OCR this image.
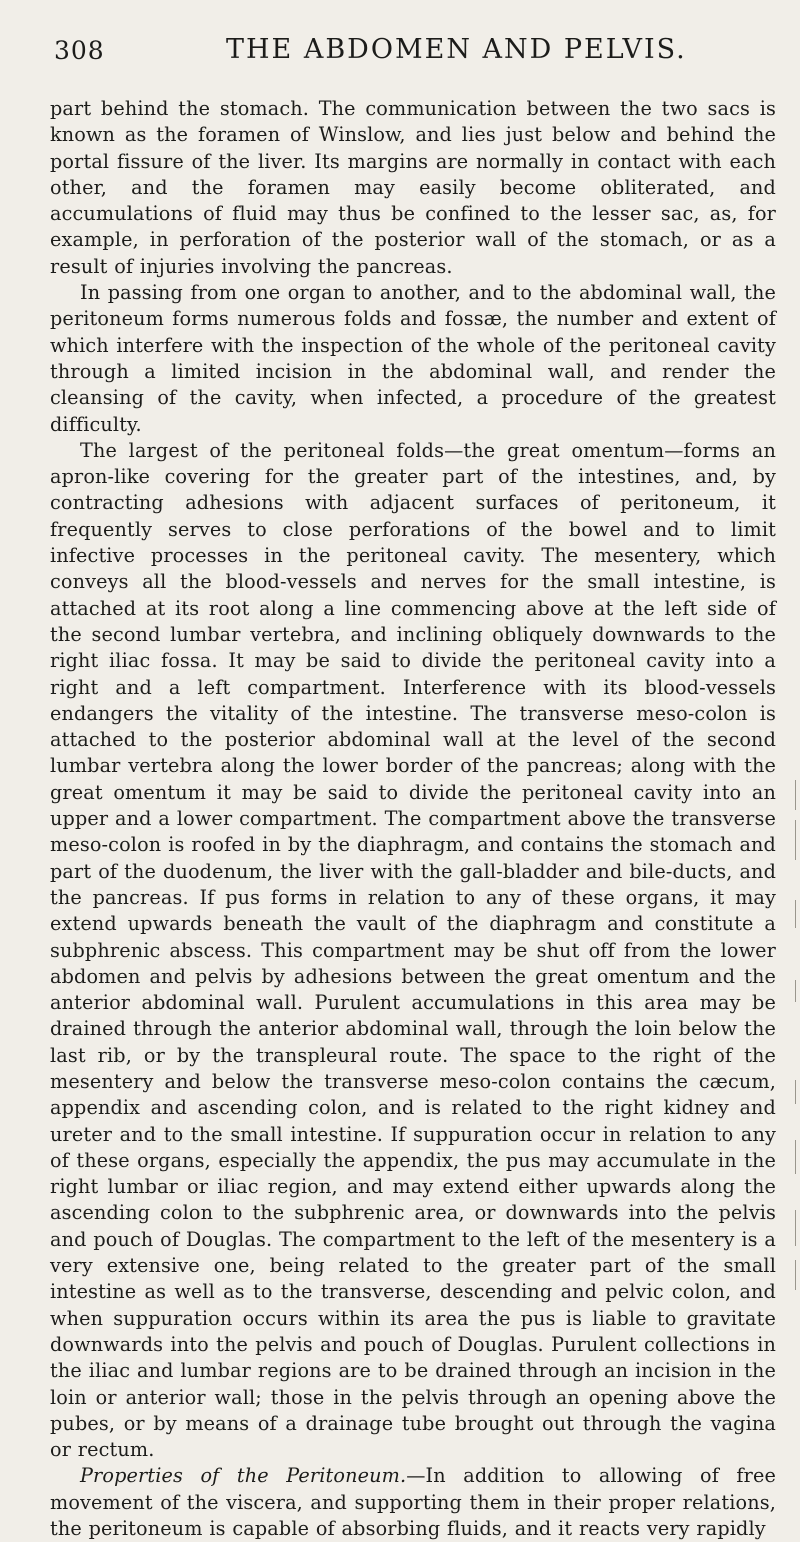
308	THE ABDOMEN AND PELVIS.

part behind the stomach. The communication between the two sacs is known as the foramen of Winslow, and lies just below and behind the portal fissure of the liver. Its margins are normally in contact with each other, and the foramen may easily become obliterated, and accumulations of fluid may thus be confined to the lesser sac, as, for example, in perforation of the posterior wall of the stomach, or as a result of injuries involving the pancreas.

In passing from one organ to another, and to the abdominal wall, the peritoneum forms numerous folds and fossæ, the number and extent of which interfere with the inspection of the whole of the peritoneal cavity through a limited incision in the abdominal wall, and render the cleansing of the cavity, when infected, a procedure of the greatest difficulty.

The largest of the peritoneal folds—the great omentum—forms an apron-like covering for the greater part of the intestines, and, by contracting adhesions with adjacent surfaces of peritoneum, it frequently serves to close perforations of the bowel and to limit infective processes in the peritoneal cavity. The mesentery, which conveys all the blood-vessels and nerves for the small intestine, is attached at its root along a line commencing above at the left side of the second lumbar vertebra, and inclining obliquely downwards to the right iliac fossa. It may be said to divide the peritoneal cavity into a right and a left compartment. Interference with its blood-vessels endangers the vitality of the intestine. The transverse meso-colon is attached to the posterior abdominal wall at the level of the second lumbar vertebra along the lower border of the pancreas; along with the great omentum it may be said to divide the peritoneal cavity into an upper and a lower compartment. The compartment above the transverse meso-colon is roofed in by the diaphragm, and contains the stomach and part of the duodenum, the liver with the gall-bladder and bile-ducts, and the pancreas. If pus forms in relation to any of these organs, it may extend upwards beneath the vault of the diaphragm and constitute a subphrenic abscess. This compartment may be shut off from the lower abdomen and pelvis by adhesions between the great omentum and the anterior abdominal wall. Purulent accumulations in this area may be drained through the anterior abdominal wall, through the loin below the last rib, or by the transpleural route. The space to the right of the mesentery and below the transverse meso-colon contains the cæcum, appendix and ascending colon, and is related to the right kidney and ureter and to the small intestine. If suppuration occur in relation to any of these organs, especially the appendix, the pus may accumulate in the right lumbar or iliac region, and may extend either upwards along the ascending colon to the subphrenic area, or downwards into the pelvis and pouch of Douglas. The compartment to the left of the mesentery is a very extensive one, being related to the greater part of the small intestine as well as to the transverse, descending and pelvic colon, and when suppuration occurs within its area the pus is liable to gravitate downwards into the pelvis and pouch of Douglas. Purulent collections in the iliac and lumbar regions are to be drained through an incision in the loin or anterior wall; those in the pelvis through an opening above the pubes, or by means of a drainage tube brought out through the vagina or rectum.

Properties of the Peritoneum.—In addition to allowing of free movement of the viscera, and supporting them in their proper relations, the peritoneum is capable of absorbing fluids, and it reacts very rapidly
